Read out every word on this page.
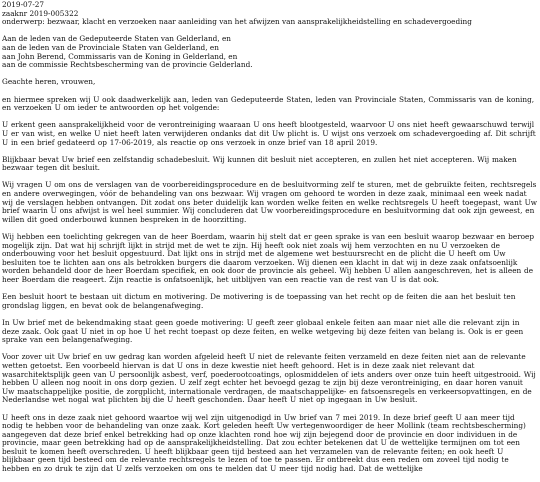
2019-07-27
zaaknr 2019-005322
onderwerp: bezwaar, klacht en verzoeken naar aanleiding van het afwijzen van aansprakelijkheidstelling en schadevergoeding
Aan de leden van de Gedeputeerde Staten van Gelderland, en
aan de leden van de Provinciale Staten van Gelderland, en
aan John Berend, Commissaris van de Koning in Gelderland, en
aan de commissie Rechtsbescherming van de provincie Gelderland.
Geachte heren, vrouwen,

en hiermee spreken wij U ook daadwerkelijk aan, leden van Gedeputeerde Staten, leden van Provinciale Staten, Commissaris van de koning, en verzoeken U om ieder te antwoorden op het volgende:

U erkent geen aansprakelijkheid voor de verontreiniging waaraan U ons heeft blootgesteld, waarvoor U ons niet heeft gewaarschuwd terwijl U er van wist, en welke U niet heeft laten verwijderen ondanks dat dit Uw plicht is. U wijst ons verzoek om schadevergoeding af. Dit schrijft U in een brief gedateerd op 17-06-2019, als reactie op ons verzoek in onze brief van 18 april 2019.

Blijkbaar bevat Uw brief een zelfstandig schadebesluit. Wij kunnen dit besluit niet accepteren, en zullen het niet accepteren. Wij maken bezwaar tegen dit besluit.

Wij vragen U om ons de verslagen van de voorbereidingsprocedure en de besluitvorming zelf te sturen, met de gebruikte feiten, rechtsregels en andere overwegingen, vóór de behandeling van ons bezwaar. Wij vragen om gehoord te worden in deze zaak, minimaal een week nadat wij de verslagen hebben ontvangen. Dit zodat ons beter duidelijk kan worden welke feiten en welke rechtsregels U heeft toegepast, want Uw brief waarin U ons afwijst is wel heel summier. Wij concluderen dat Uw voorbereidingsprocedure en besluitvorming dat ook zijn geweest, en willen dit goed onderbouwd kunnen bespreken in de hoorzitting.

Wij hebben een toelichting gekregen van de heer Boerdam, waarin hij stelt dat er geen sprake is van een besluit waarop bezwaar en beroep mogelijk zijn. Dat wat hij schrijft lijkt in strijd met de wet te zijn. Hij heeft ook niet zoals wij hem verzochten en nu U verzoeken de onderbouwing voor het besluit opgestuurd. Dat lijkt ons in strijd met de algemene wet bestuursrecht en de plicht die U heeft om Uw besluiten toe te lichten aan ons als betrokken burgers die daarom verzoeken. Wij dienen een klacht in dat wij in deze zaak onfatsoenlijk worden behandeld door de heer Boerdam specifiek, en ook door de provincie als geheel. Wij hebben U allen aangeschreven, het is alleen de heer Boerdam die reageert. Zijn reactie is onfatsoenlijk, het uitblijven van een reactie van de rest van U is dat ook.

Een besluit hoort te bestaan uit dictum en motivering. De motivering is de toepassing van het recht op de feiten die aan het besluit ten grondslag liggen, en bevat ook de belangenafweging.

In Uw brief met de bekendmaking staat geen goede motivering: U geeft zeer globaal enkele feiten aan maar niet alle die relevant zijn in deze zaak. Ook gaat U niet in op hoe U het recht toepast op deze feiten, en welke wetgeving bij deze feiten van belang is. Ook is er geen sprake van een belangenafweging.

Voor zover uit Uw brief en uw gedrag kan worden afgeleid heeft U niet de relevante feiten verzameld en deze feiten niet aan de relevante wetten getoetst. Een voorbeeld hiervan is dat U ons in deze kwestie niet heeft gehoord. Het is in deze zaak niet relevant dat wasarchitektsplijk geen van U persoonlijk asbest, verf, poederootcoatings, oplosmiddelen of iets anders over onze tuin heeft uitgestrooid. Wij hebben U alleen nog nooit in ons dorp gezien. U zelf zegt echter het bevoegd gezag te zijn bij deze verontreiniging, en daar horen vanuit Uw maatschappelijke positie, de zorgplicht, internationale verdragen, de maatschappelijke- en fatsoensregels en verkeersopvattingen, en de Nederlandse wet nogal wat plichten bij die U heeft geschonden. Daar heeft U niet op ingegaan in Uw besluit.

U heeft ons in deze zaak niet gehoord waartoe wij wel zijn uitgenodigd in Uw brief van 7 mei 2019. In deze brief geeft U aan meer tijd nodig te hebben voor de behandeling van onze zaak. Kort geleden heeft Uw vertegenwoordiger de heer Mollink (team rechtsbescherming) aangegeven dat deze brief enkel betrekking had op onze klachten rond hoe wij zijn bejegend door de provincie en door individuen in de provincie, maar geen betrekking had op de aansprakelijkheidstelling. Dat zou echter betekenen dat U de wettelijke termijnen om tot een besluit te komen heeft overschreden. U heeft blijkbaar geen tijd besteed aan het verzamelen van de relevante feiten; en ook heeft U blijkbaar geen tijd besteed om de relevante rechtsregels te lezen of toe te passen. Er ontbreekt dus een reden om zoveel tijd nodig te hebben en zo druk te zijn dat U zelfs verzoeken om ons te melden dat U meer tijd nodig had. Dat de wettelijke
